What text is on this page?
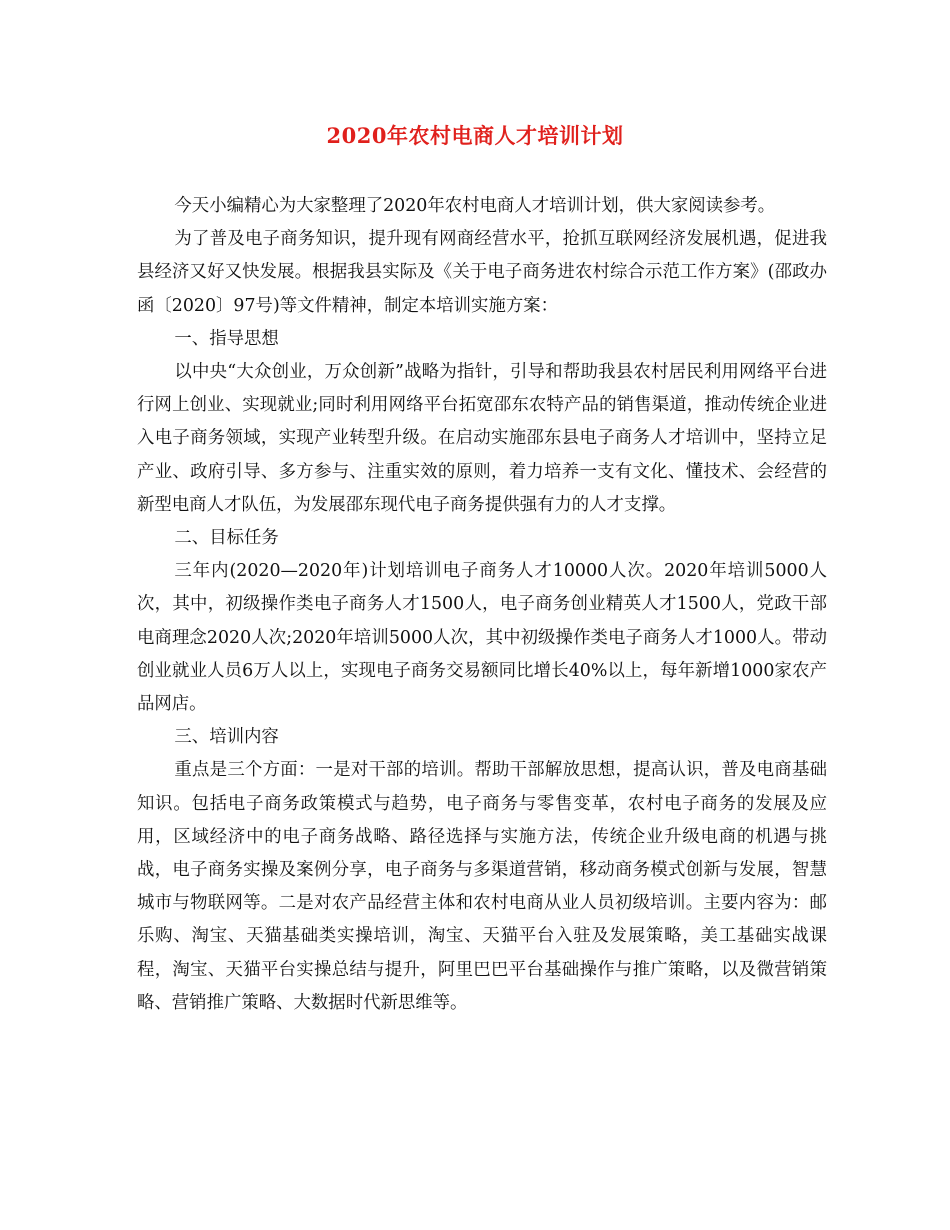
2020年农村电商人才培训计划

今天小编精心为大家整理了2020年农村电商人才培训计划，供大家阅读参考。

为了普及电子商务知识，提升现有网商经营水平，抢抓互联网经济发展机遇，促进我县经济又好又快发展。根据我县实际及《关于电子商务进农村综合示范工作方案》(邵政办函〔2020〕97号)等文件精神，制定本培训实施方案：

一、指导思想

以中央“大众创业，万众创新”战略为指针，引导和帮助我县农村居民利用网络平台进行网上创业、实现就业;同时利用网络平台拓宽邵东农特产品的销售渠道，推动传统企业进入电子商务领域，实现产业转型升级。在启动实施邵东县电子商务人才培训中，坚持立足产业、政府引导、多方参与、注重实效的原则，着力培养一支有文化、懂技术、会经营的新型电商人才队伍，为发展邵东现代电子商务提供强有力的人才支撑。

二、目标任务

三年内(2020—2020年)计划培训电子商务人才10000人次。2020年培训5000人次，其中，初级操作类电子商务人才1500人，电子商务创业精英人才1500人，党政干部电商理念2020人次;2020年培训5000人次，其中初级操作类电子商务人才1000人。带动创业就业人员6万人以上，实现电子商务交易额同比增长40%以上，每年新增1000家农产品网店。

三、培训内容

重点是三个方面：一是对干部的培训。帮助干部解放思想，提高认识，普及电商基础知识。包括电子商务政策模式与趋势，电子商务与零售变革，农村电子商务的发展及应用，区域经济中的电子商务战略、路径选择与实施方法，传统企业升级电商的机遇与挑战，电子商务实操及案例分享，电子商务与多渠道营销，移动商务模式创新与发展，智慧城市与物联网等。二是对农产品经营主体和农村电商从业人员初级培训。主要内容为：邮乐购、淘宝、天猫基础类实操培训，淘宝、天猫平台入驻及发展策略，美工基础实战课程，淘宝、天猫平台实操总结与提升，阿里巴巴平台基础操作与推广策略，以及微营销策略、营销推广策略、大数据时代新思维等。
